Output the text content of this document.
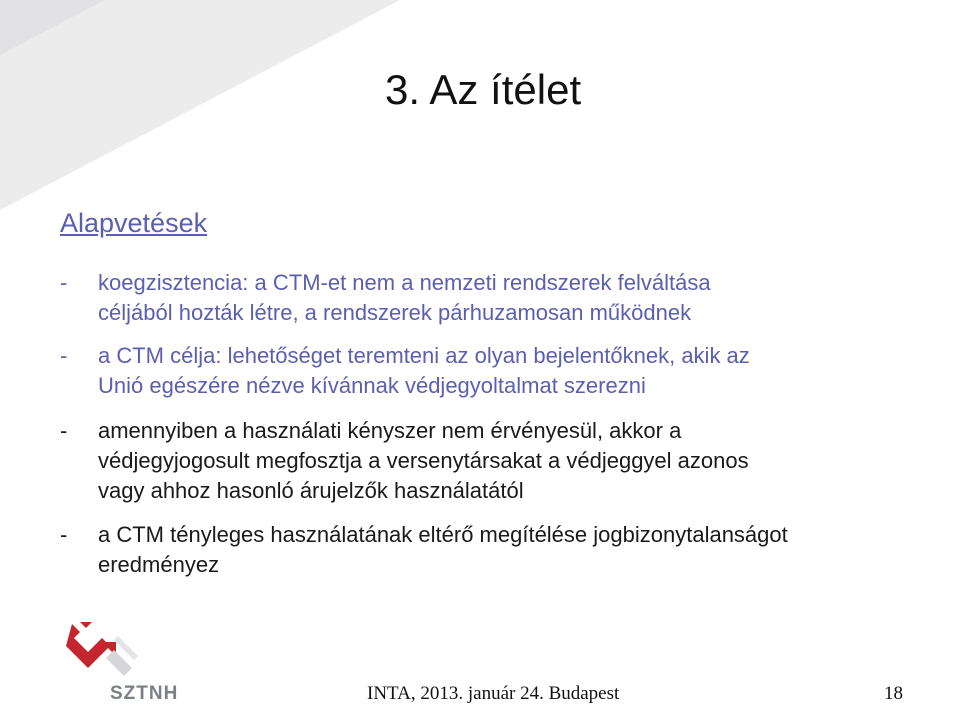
3. Az ítélet
Alapvetések
- koegzisztencia: a CTM-et nem a nemzeti rendszerek felváltása
céljából hozták létre, a rendszerek párhuzamosan működnek
- a CTM célja: lehetőséget teremteni az olyan bejelentőknek, akik az
Unió egészére nézve kívánnak védjegyoltalmat szerezni
- amennyiben a használati kényszer nem érvényesül, akkor a
védjegyjogosult megfosztja a versenytársakat a védjeggyel azonos
vagy ahhoz hasonló árujelzők használatától
- a CTM tényleges használatának eltérő megítélése jogbizonytalanságot
eredményez
SZTNH	INTA, 2013. január 24. Budapest	18
